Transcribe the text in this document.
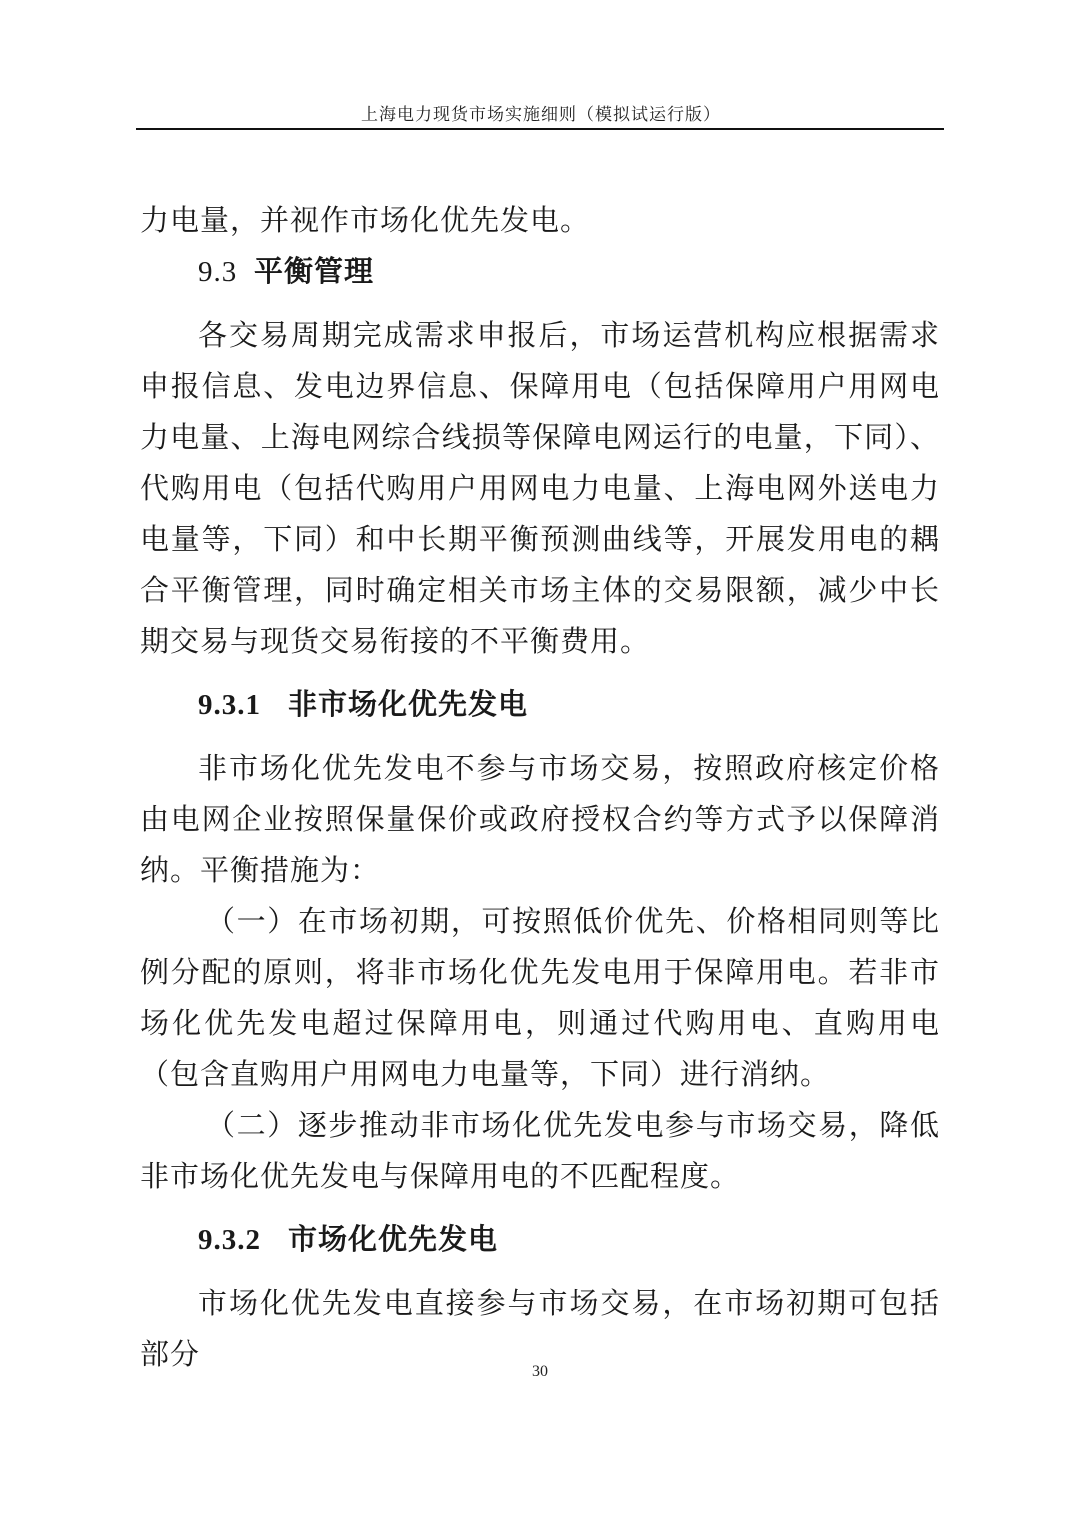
上海电力现货市场实施细则（模拟试运行版）

力电量，并视作市场化优先发电。

9.3 平衡管理

各交易周期完成需求申报后，市场运营机构应根据需求申报信息、发电边界信息、保障用电（包括保障用户用网电力电量、上海电网综合线损等保障电网运行的电量，下同）、代购用电（包括代购用户用网电力电量、上海电网外送电力电量等，下同）和中长期平衡预测曲线等，开展发用电的耦合平衡管理，同时确定相关市场主体的交易限额，减少中长期交易与现货交易衔接的不平衡费用。

9.3.1 非市场化优先发电

非市场化优先发电不参与市场交易，按照政府核定价格由电网企业按照保量保价或政府授权合约等方式予以保障消纳。平衡措施为：

（一）在市场初期，可按照低价优先、价格相同则等比例分配的原则，将非市场化优先发电用于保障用电。若非市场化优先发电超过保障用电，则通过代购用电、直购用电（包含直购用户用网电力电量等，下同）进行消纳。

（二）逐步推动非市场化优先发电参与市场交易，降低非市场化优先发电与保障用电的不匹配程度。

9.3.2 市场化优先发电

市场化优先发电直接参与市场交易，在市场初期可包括部分

30
